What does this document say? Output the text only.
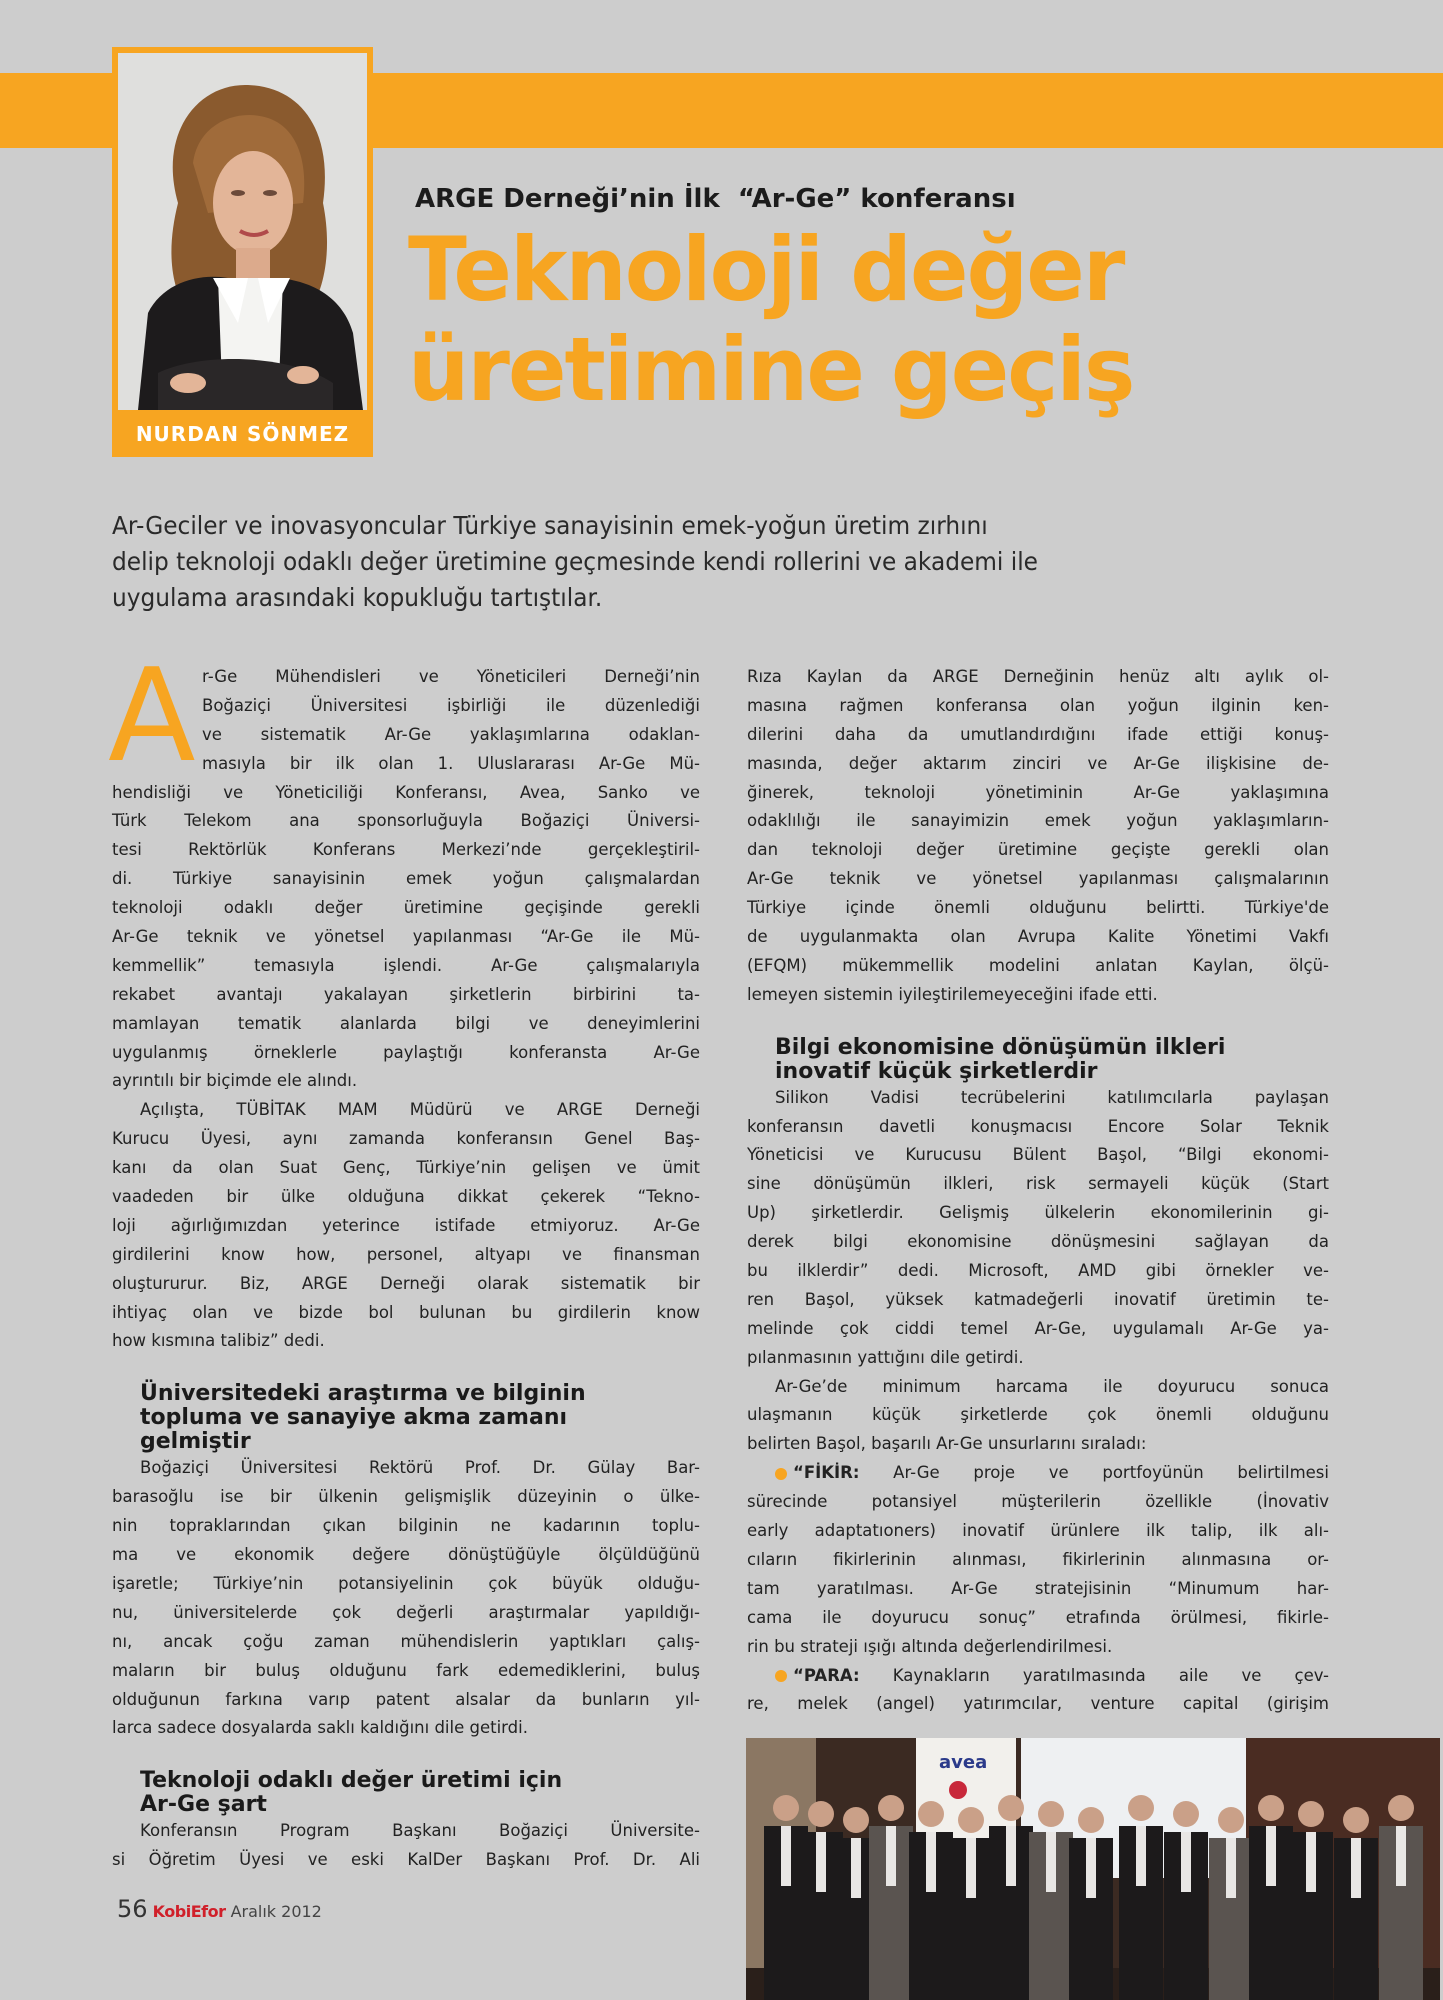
NURDAN SÖNMEZ
ARGE Derneği’nin İlk  “Ar-Ge” konferansı
Teknoloji değer
üretimine geçiş
Ar-Geciler ve inovasyoncular Türkiye sanayisinin emek-yoğun üretim zırhını
delip teknoloji odaklı değer üretimine geçmesinde kendi rollerini ve akademi ile
uygulama arasındaki kopukluğu tartıştılar.
A r-Ge Mühendisleri ve Yöneticileri Derneği’nin
Boğaziçi Üniversitesi işbirliği ile düzenlediği
ve sistematik Ar-Ge yaklaşımlarına odaklan-
masıyla bir ilk olan 1. Uluslararası Ar-Ge Mü-
hendisliği ve Yöneticiliği Konferansı, Avea, Sanko ve
Türk Telekom ana sponsorluğuyla Boğaziçi Üniversi-
tesi Rektörlük Konferans Merkezi’nde gerçekleştiril-
di. Türkiye sanayisinin emek yoğun çalışmalardan
teknoloji odaklı değer üretimine geçişinde gerekli
Ar-Ge teknik ve yönetsel yapılanması “Ar-Ge ile Mü-
kemmellik” temasıyla işlendi. Ar-Ge çalışmalarıyla
rekabet avantajı yakalayan şirketlerin birbirini ta-
mamlayan tematik alanlarda bilgi ve deneyimlerini
uygulanmış örneklerle paylaştığı konferansta Ar-Ge
ayrıntılı bir biçimde ele alındı.
Açılışta, TÜBİTAK MAM Müdürü ve ARGE Derneği
Kurucu Üyesi, aynı zamanda konferansın Genel Baş-
kanı da olan Suat Genç, Türkiye’nin gelişen ve ümit
vaadeden bir ülke olduğuna dikkat çekerek “Tekno-
loji ağırlığımızdan yeterince istifade etmiyoruz. Ar-Ge
girdilerini know how, personel, altyapı ve finansman
oluştururur. Biz, ARGE Derneği olarak sistematik bir
ihtiyaç olan ve bizde bol bulunan bu girdilerin know
how kısmına talibiz” dedi.
Üniversitedeki araştırma ve bilginin
topluma ve sanayiye akma zamanı
gelmiştir
Boğaziçi Üniversitesi Rektörü Prof. Dr. Gülay Bar-
barasoğlu ise bir ülkenin gelişmişlik düzeyinin o ülke-
nin topraklarından çıkan bilginin ne kadarının toplu-
ma ve ekonomik değere dönüştüğüyle ölçüldüğünü
işaretle; Türkiye’nin potansiyelinin çok büyük olduğu-
nu, üniversitelerde çok değerli araştırmalar yapıldığı-
nı, ancak çoğu zaman mühendislerin yaptıkları çalış-
maların bir buluş olduğunu fark edemediklerini, buluş
olduğunun farkına varıp patent alsalar da bunların yıl-
larca sadece dosyalarda saklı kaldığını dile getirdi.
Teknoloji odaklı değer üretimi için
Ar-Ge şart
Konferansın Program Başkanı Boğaziçi Üniversite-
si Öğretim Üyesi ve eski KalDer Başkanı Prof. Dr. Ali
Rıza Kaylan da ARGE Derneğinin henüz altı aylık ol-
masına rağmen konferansa olan yoğun ilginin ken-
dilerini daha da umutlandırdığını ifade ettiği konuş-
masında, değer aktarım zinciri ve Ar-Ge ilişkisine de-
ğinerek, teknoloji yönetiminin Ar-Ge yaklaşımına
odaklılığı ile sanayimizin emek yoğun yaklaşımların-
dan teknoloji değer üretimine geçişte gerekli olan
Ar-Ge teknik ve yönetsel yapılanması çalışmalarının
Türkiye içinde önemli olduğunu belirtti. Türkiye'de
de uygulanmakta olan Avrupa Kalite Yönetimi Vakfı
(EFQM) mükemmellik modelini anlatan Kaylan, ölçü-
lemeyen sistemin iyileştirilemeyeceğini ifade etti.
Bilgi ekonomisine dönüşümün ilkleri
inovatif küçük şirketlerdir
Silikon Vadisi tecrübelerini katılımcılarla paylaşan
konferansın davetli konuşmacısı Encore Solar Teknik
Yöneticisi ve Kurucusu Bülent Başol, “Bilgi ekonomi-
sine dönüşümün ilkleri, risk sermayeli küçük (Start
Up) şirketlerdir. Gelişmiş ülkelerin ekonomilerinin gi-
derek bilgi ekonomisine dönüşmesini sağlayan da
bu ilklerdir” dedi. Microsoft, AMD gibi örnekler ve-
ren Başol, yüksek katmadeğerli inovatif üretimin te-
melinde çok ciddi temel Ar-Ge, uygulamalı Ar-Ge ya-
pılanmasının yattığını dile getirdi.
Ar-Ge’de minimum harcama ile doyurucu sonuca
ulaşmanın küçük şirketlerde çok önemli olduğunu
belirten Başol, başarılı Ar-Ge unsurlarını sıraladı:
“FİKİR: Ar-Ge proje ve portfoyünün belirtilmesi
sürecinde potansiyel müşterilerin özellikle (İnovativ
early adaptatıoners) inovatif ürünlere ilk talip, ilk alı-
cıların fikirlerinin alınması, fikirlerinin alınmasına or-
tam yaratılması. Ar-Ge stratejisinin “Minumum har-
cama ile doyurucu sonuç” etrafında örülmesi, fikirle-
rin bu strateji ışığı altında değerlendirilmesi.
“PARA: Kaynakların yaratılmasında aile ve çev-
re, melek (angel) yatırımcılar, venture capital (girişim
56 KobiEfor Aralık 2012
avea
